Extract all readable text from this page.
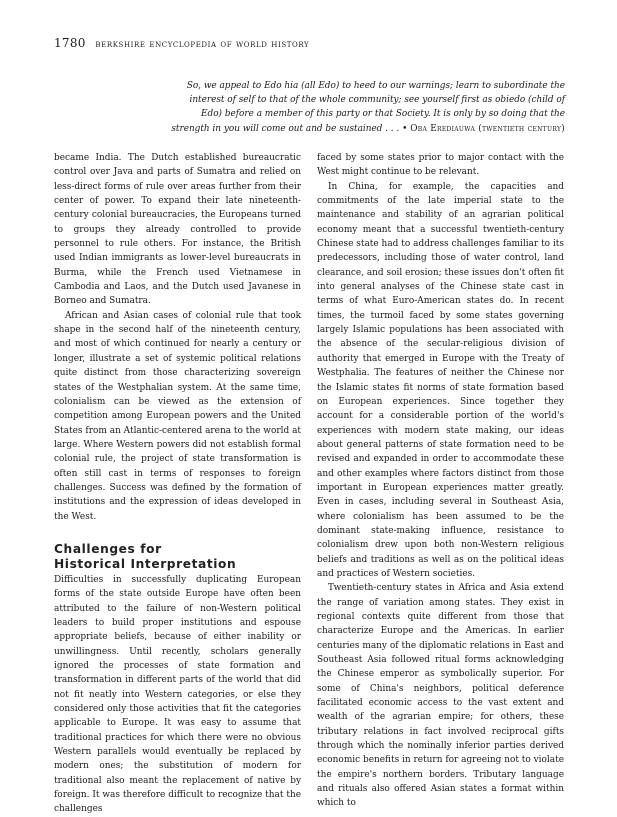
1780 berkshire encyclopedia of world history
So, we appeal to Edo hia (all Edo) to heed to our warnings; learn to subordinate the interest of self to that of the whole community; see yourself first as obiedo (child of Edo) before a member of this party or that Society. It is only by so doing that the strength in you will come out and be sustained . . . • Oba Erediauwa (twentieth century)

became India. The Dutch established bureaucratic control over Java and parts of Sumatra and relied on less-direct forms of rule over areas further from their center of power. To expand their late nineteenth-century colonial bureaucracies, the Europeans turned to groups they already controlled to provide personnel to rule others. For instance, the British used Indian immigrants as lower-level bureaucrats in Burma, while the French used Vietnamese in Cambodia and Laos, and the Dutch used Javanese in Borneo and Sumatra.

African and Asian cases of colonial rule that took shape in the second half of the nineteenth century, and most of which continued for nearly a century or longer, illustrate a set of systemic political relations quite distinct from those characterizing sovereign states of the Westphalian system. At the same time, colonialism can be viewed as the extension of competition among European powers and the United States from an Atlantic-centered arena to the world at large. Where Western powers did not establish formal colonial rule, the project of state transformation is often still cast in terms of responses to foreign challenges. Success was defined by the formation of institutions and the expression of ideas developed in the West.

Challenges for
Historical Interpretation

Difficulties in successfully duplicating European forms of the state outside Europe have often been attributed to the failure of non-Western political leaders to build proper institutions and espouse appropriate beliefs, because of either inability or unwillingness. Until recently, scholars generally ignored the processes of state formation and transformation in different parts of the world that did not fit neatly into Western categories, or else they considered only those activities that fit the categories applicable to Europe. It was easy to assume that traditional practices for which there were no obvious Western parallels would eventually be replaced by modern ones; the substitution of modern for traditional also meant the replacement of native by foreign. It was therefore difficult to recognize that the challenges

faced by some states prior to major contact with the West might continue to be relevant.

In China, for example, the capacities and commitments of the late imperial state to the maintenance and stability of an agrarian political economy meant that a successful twentieth-century Chinese state had to address challenges familiar to its predecessors, including those of water control, land clearance, and soil erosion; these issues don't often fit into general analyses of the Chinese state cast in terms of what Euro-American states do. In recent times, the turmoil faced by some states governing largely Islamic populations has been associated with the absence of the secular-religious division of authority that emerged in Europe with the Treaty of Westphalia. The features of neither the Chinese nor the Islamic states fit norms of state formation based on European experiences. Since together they account for a considerable portion of the world's experiences with modern state making, our ideas about general patterns of state formation need to be revised and expanded in order to accommodate these and other examples where factors distinct from those important in European experiences matter greatly. Even in cases, including several in Southeast Asia, where colonialism has been assumed to be the dominant state-making influence, resistance to colonialism drew upon both non-Western religious beliefs and traditions as well as on the political ideas and practices of Western societies.

Twentieth-century states in Africa and Asia extend the range of variation among states. They exist in regional contexts quite different from those that characterize Europe and the Americas. In earlier centuries many of the diplomatic relations in East and Southeast Asia followed ritual forms acknowledging the Chinese emperor as symbolically superior. For some of China's neighbors, political deference facilitated economic access to the vast extent and wealth of the agrarian empire; for others, these tributary relations in fact involved reciprocal gifts through which the nominally inferior parties derived economic benefits in return for agreeing not to violate the empire's northern borders. Tributary language and rituals also offered Asian states a format within which to
